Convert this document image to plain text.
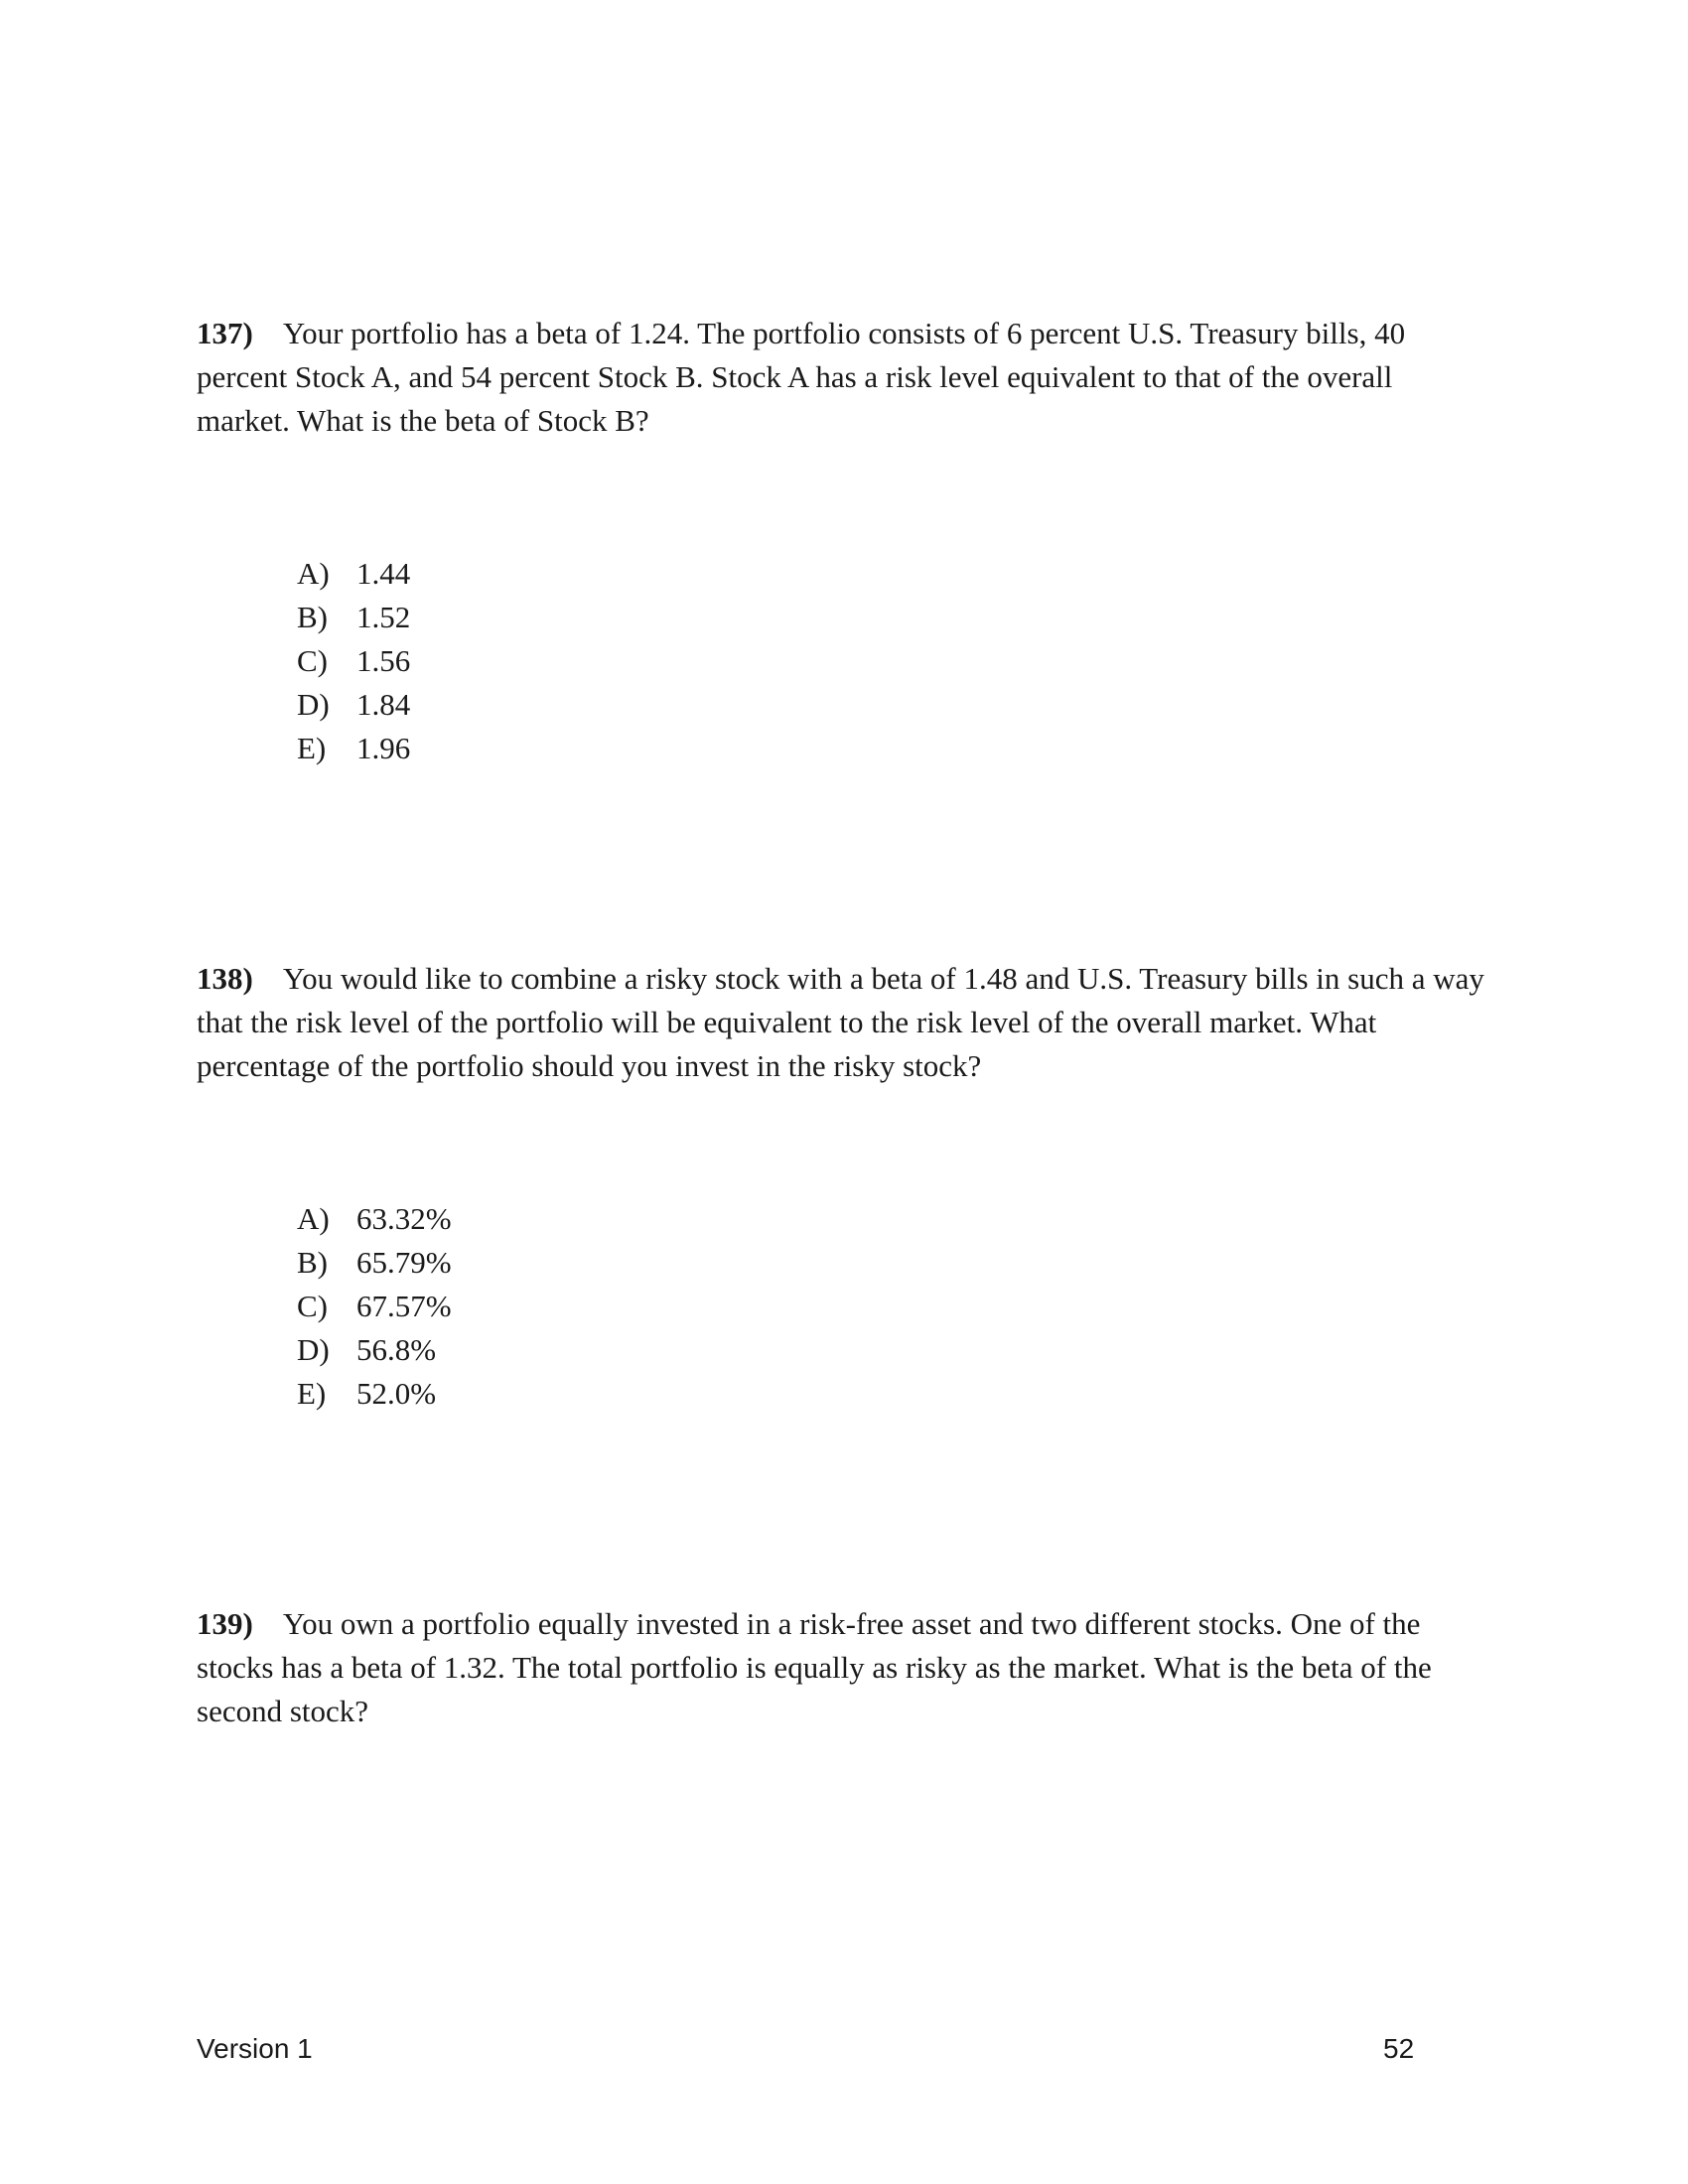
137) Your portfolio has a beta of 1.24. The portfolio consists of 6 percent U.S. Treasury bills, 40 percent Stock A, and 54 percent Stock B. Stock A has a risk level equivalent to that of the overall market. What is the beta of Stock B?
A) 1.44
B) 1.52
C) 1.56
D) 1.84
E) 1.96
138) You would like to combine a risky stock with a beta of 1.48 and U.S. Treasury bills in such a way that the risk level of the portfolio will be equivalent to the risk level of the overall market. What percentage of the portfolio should you invest in the risky stock?
A) 63.32%
B) 65.79%
C) 67.57%
D) 56.8%
E) 52.0%
139) You own a portfolio equally invested in a risk-free asset and two different stocks. One of the stocks has a beta of 1.32. The total portfolio is equally as risky as the market. What is the beta of the second stock?
Version 1	52
